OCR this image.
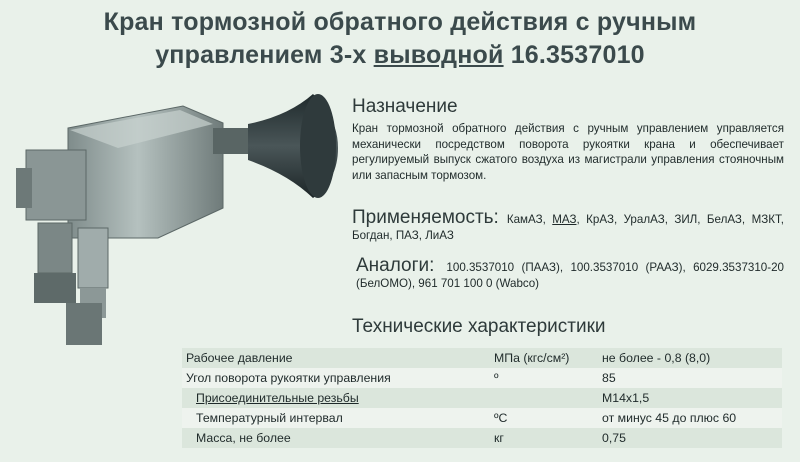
Кран тормозной обратного действия с ручным
управлением 3-х выводной 16.3537010
Назначение
Кран тормозной обратного действия с ручным управлением управляется механически посредством поворота рукоятки крана и обеспечивает регулируемый выпуск сжатого воздуха из магистрали управления стояночным или запасным тормозом.
Применяемость: КамАЗ, МАЗ, КрАЗ, УралАЗ, ЗИЛ, БелАЗ, МЗКТ, Богдан, ПАЗ, ЛиАЗ
Аналоги: 100.3537010 (ПААЗ), 100.3537010 (РААЗ), 6029.3537310-20 (БелОМО), 961 701 100 0 (Wabco)
Технические характеристики
Рабочее давление	МПа (кгс/см²)	не более - 0,8 (8,0)
Угол поворота рукоятки управления	º	85
Присоединительные резьбы		М14x1,5
Температурный интервал	ºС	от минус 45 до плюс 60
Масса, не более	кг	0,75
